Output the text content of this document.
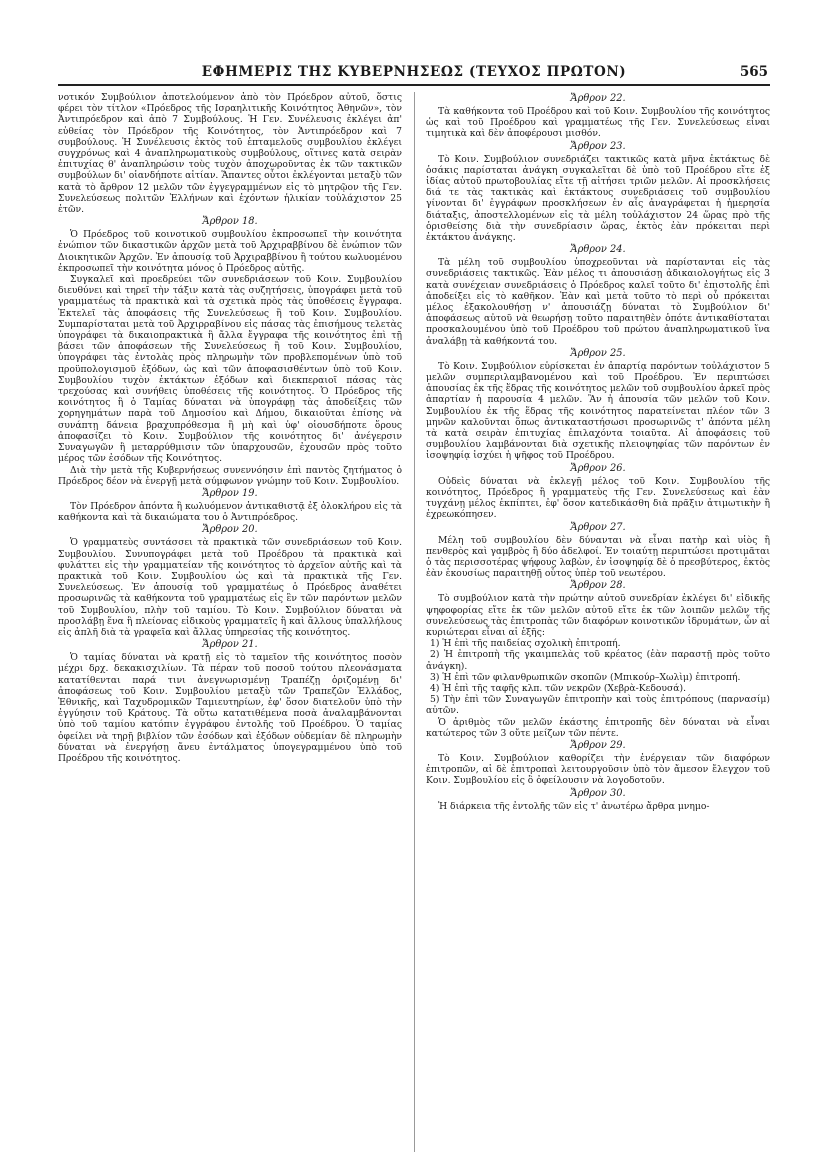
ΕΦΗΜΕΡΙΣ ΤΗΣ ΚΥΒΕΡΝΗΣΕΩΣ (ΤΕΥΧΟΣ ΠΡΩΤΟΝ)	565

νοτικόν Συμβούλιον ἀποτελούμενον ἀπὸ τὸν Πρόεδρον αὐτοῦ, ὅστις φέρει τὸν τίτλον «Πρόεδρος τῆς Ισραηλιτικῆς Κοινότητος Ἀθηνῶν», τὸν Ἀντιπρόεδρον καὶ ἀπὸ 7 Συμβούλους. Ἡ Γεν. Συνέλευσις ἐκλέγει ἀπ' εὐθείας τὸν Πρόεδρον τῆς Κοινότητος, τὸν Ἀντιπρόεδρον καὶ 7 συμβούλους. Ἡ Συνέλευσις ἐκτὸς τοῦ ἑπταμελοῦς συμβουλίου ἐκλέγει συγχρόνως καὶ 4 ἀναπληρωματικοὺς συμβούλους, οἵτινες κατὰ σειρὰν ἐπιτυχίας θ' ἀναπληρώσιν τοὺς τυχὸν ἀποχωροῦντας ἐκ τῶν τακτικῶν συμβούλων δι' οἱανδήποτε αἰτίαν. Ἅπαντες οὗτοι ἐκλέγονται μεταξὺ τῶν κατὰ τὸ ἄρθρον 12 μελῶν τῶν ἐγγεγραμμένων εἰς τὸ μητρῷον τῆς Γεν. Συνελεύσεως πολιτῶν Ἑλλήνων καὶ ἐχόντων ἡλικίαν τοὐλάχιστον 25 ἐτῶν.

Ἄρθρον 18.

Ὁ Πρόεδρος τοῦ κοινοτικοῦ συμβουλίου ἐκπροσωπεῖ τὴν κοινότητα ἐνώπιον τῶν δικαστικῶν ἀρχῶν μετὰ τοῦ Ἀρχιραββίνου δὲ ἐνώπιον τῶν Διοικητικῶν Ἀρχῶν. Ἐν ἀπουσίᾳ τοῦ Ἀρχιραββίνου ἢ τούτου κωλυομένου ἐκπροσωπεῖ τὴν κοινότητα μόνος ὁ Πρόεδρος αὐτῆς.

Συγκαλεῖ καὶ προεδρεύει τῶν συνεδριάσεων τοῦ Κοιν. Συμβουλίου διευθύνει καὶ τηρεῖ τὴν τάξιν κατὰ τὰς συζητήσεις, ὑπογράφει μετὰ τοῦ γραμματέως τὰ πρακτικὰ καὶ τὰ σχετικὰ πρὸς τὰς ὑποθέσεις ἔγγραφα. Ἐκτελεῖ τὰς ἀποφάσεις τῆς Συνελεύσεως ἢ τοῦ Κοιν. Συμβουλίου. Συμπαρίσταται μετὰ τοῦ Ἀρχιρραβίνου εἰς πάσας τὰς ἐπισήμους τελετὰς ὑπογράφει τὰ δικαιοπρακτικὰ ἢ ἄλλα ἔγγραφα τῆς κοινότητος ἐπὶ τῇ βάσει τῶν ἀποφάσεων τῆς Συνελεύσεως ἢ τοῦ Κοιν. Συμβουλίου, ὑπογράφει τὰς ἐντολὰς πρὸς πληρωμὴν τῶν προβλεπομένων ὑπὸ τοῦ προϋπολογισμοῦ ἐξόδων, ὡς καὶ τῶν ἀποφασισθέντων ὑπὸ τοῦ Κοιν. Συμβουλίου τυχὸν ἐκτάκτων ἐξόδων καὶ διεκπεραιοῖ πάσας τὰς τρεχούσας καὶ συνήθεις ὑποθέσεις τῆς κοινότητος. Ὁ Πρόεδρος τῆς κοινότητος ἢ ὁ Ταμίας δύναται νὰ ὑπογράφῃ τὰς ἀποδείξεις τῶν χορηγημάτων παρὰ τοῦ Δημοσίου καὶ Δήμου, δικαιοῦται ἐπίσης νὰ συνάπτῃ δάνεια βραχυπρόθεσμα ἢ μὴ καὶ ὑφ' οἱουσδήποτε ὅρους ἀποφασίζει τὸ Κοιν. Συμβούλιον τῆς κοινότητος δι' ἀνέγερσιν Συναγωγῶν ἢ μεταρρύθμισιν τῶν ὑπαρχουσῶν, ἐχουσῶν πρὸς τοῦτο μέρος τῶν ἐσόδων τῆς Κοινότητος.

Διὰ τὴν μετὰ τῆς Κυβερνήσεως συνεννόησιν ἐπὶ παντὸς ζητήματος ὁ Πρόεδρος δέον νὰ ἐνεργῇ μετὰ σύμφωνον γνώμην τοῦ Κοιν. Συμβουλίου.

Ἄρθρον 19.

Τὸν Πρόεδρον ἀπόντα ἢ κωλυόμενον ἀντικαθιστᾷ ἐξ ὁλοκλήρου εἰς τὰ καθήκοντα καὶ τὰ δικαιώματα του ὁ Ἀντιπρόεδρος.

Ἄρθρον 20.

Ὁ γραμματεὺς συντάσσει τὰ πρακτικὰ τῶν συνεδριάσεων τοῦ Κοιν. Συμβουλίου. Συνυπογράφει μετὰ τοῦ Προέδρου τὰ πρακτικὰ καὶ φυλάττει εἰς τὴν γραμματείαν τῆς κοινότητος τὸ ἀρχεῖον αὐτῆς καὶ τὰ πρακτικὰ τοῦ Κοιν. Συμβουλίου ὡς καὶ τὰ πρακτικὰ τῆς Γεν. Συνελεύσεως. Ἐν ἀπουσίᾳ τοῦ γραμματέως ὁ Πρόεδρος ἀναθέτει προσωρινῶς τὰ καθήκοντα τοῦ γραμματέως εἰς ἓν τῶν παρόντων μελῶν τοῦ Συμβουλίου, πλὴν τοῦ ταμίου. Τὸ Κοιν. Συμβούλιον δύναται νὰ προσλάβῃ ἕνα ἢ πλείονας εἰδικοὺς γραμματεῖς ἢ καὶ ἄλλους ὑπαλλήλους εἰς ἀπλῆ διὰ τὰ γραφεῖα καὶ ἄλλας ὑπηρεσίας τῆς κοινότητος.

Ἄρθρον 21.

Ὁ ταμίας δύναται νὰ κρατῇ εἰς τὸ ταμεῖον τῆς κοινότητος ποσὸν μέχρι δρχ. δεκακισχιλίων. Τὰ πέραν τοῦ ποσοῦ τούτου πλεονάσματα κατατίθενται παρά τινι ἀνεγνωρισμένῃ Τραπέζῃ ὁριζομένῃ δι' ἀποφάσεως τοῦ Κοιν. Συμβουλίου μεταξὺ τῶν Τραπεζῶν Ἑλλάδος, Ἐθνικῆς, καὶ Ταχυδρομικῶν Ταμιευτηρίων, ἐφ' ὅσον διατελοῦν ὑπὸ τὴν ἐγγύησιν τοῦ Κράτους. Τὰ οὕτω κατατιθέμενα ποσὰ ἀναλαμβάνονται ὑπὸ τοῦ ταμίου κατόπιν ἐγγράφου ἐντολῆς τοῦ Προέδρου. Ὁ ταμίας ὀφείλει νὰ τηρῇ βιβλίον τῶν ἐσόδων καὶ ἐξόδων οὐδεμίαν δὲ πληρωμὴν δύναται νὰ ἐνεργήσῃ ἄνευ ἐντάλματος ὑπογεγραμμένου ὑπὸ τοῦ Προέδρου τῆς κοινότητος.

Ἄρθρον 22.

Τὰ καθήκοντα τοῦ Προέδρου καὶ τοῦ Κοιν. Συμβουλίου τῆς κοινότητος ὡς καὶ τοῦ Προέδρου καὶ γραμματέως τῆς Γεν. Συνελεύσεως εἶναι τιμητικὰ καὶ δὲν ἀποφέρουσι μισθόν.

Ἄρθρον 23.

Τὸ Κοιν. Συμβούλιον συνεδριάζει τακτικῶς κατὰ μῆνα ἐκτάκτως δὲ ὁσάκις παρίσταται ἀνάγκη συγκαλεῖται δὲ ὑπὸ τοῦ Προέδρου εἴτε ἐξ ἰδίας αὐτοῦ πρωτοβουλίας εἴτε τῇ αἰτήσει τριῶν μελῶν. Αἱ προσκλήσεις διά τε τὰς τακτικὰς καὶ ἐκτάκτους συνεδριάσεις τοῦ συμβουλίου γίνονται δι' ἐγγράφων προσκλήσεων ἐν αἷς ἀναγράφεται ἡ ἡμερησία διάταξις, ἀποστελλομένων εἰς τὰ μέλη τοὐλάχιστον 24 ὥρας πρὸ τῆς ὁρισθείσης διὰ τὴν συνεδρίασιν ὥρας, ἐκτὸς ἐὰν πρόκειται περὶ ἐκτάκτου ἀνάγκης.

Ἄρθρον 24.

Τὰ μέλη τοῦ συμβουλίου ὑποχρεοῦνται νὰ παρίστανται εἰς τὰς συνεδριάσεις τακτικῶς. Ἐὰν μέλος τι ἀπουσιάσῃ ἀδικαιολογήτως εἰς 3 κατὰ συνέχειαν συνεδριάσεις ὁ Πρόεδρος καλεῖ τοῦτο δι' ἐπιστολῆς ἐπὶ ἀποδείξει εἰς τὸ καθῆκον. Ἐὰν καὶ μετὰ τοῦτο τὸ περὶ οὗ πρόκειται μέλος ἐξακολουθήσῃ ν' ἀπουσιάζῃ δύναται τὸ Συμβούλιον δι' ἀποφάσεως αὐτοῦ νὰ θεωρήσῃ τοῦτο παραιτηθὲν ὁπότε ἀντικαθίσταται προσκαλουμένου ὑπὸ τοῦ Προέδρου τοῦ πρώτου ἀναπληρωματικοῦ ἵνα ἀναλάβῃ τὰ καθήκοντά του.

Ἄρθρον 25.

Τὸ Κοιν. Συμβούλιον εὑρίσκεται ἐν ἀπαρτίᾳ παρόντων τοὐλάχιστον 5 μελῶν συμπεριλαμβανομένου καὶ τοῦ Προέδρου. Ἐν περιπτώσει ἀπουσίας ἐκ τῆς ἕδρας τῆς κοινότητος μελῶν τοῦ συμβουλίου ἀρκεῖ πρὸς ἀπαρτίαν ἡ παρουσία 4 μελῶν. Ἂν ἡ ἀπουσία τῶν μελῶν τοῦ Κοιν. Συμβουλίου ἐκ τῆς ἕδρας τῆς κοινότητος παρατείνεται πλέον τῶν 3 μηνῶν καλοῦνται ὅπως ἀντικαταστήσωσι προσωρινῶς τ' ἀπόντα μέλη τὰ κατὰ σειρὰν ἐπιτυχίας ἐπιλαχόντα τοιαῦτα. Αἱ ἀποφάσεις τοῦ συμβουλίου λαμβάνονται διὰ σχετικῆς πλειοψηφίας τῶν παρόντων ἐν ἰσοψηφίᾳ ἰσχύει ἡ ψῆφος τοῦ Προέδρου.

Ἄρθρον 26.

Οὐδεὶς δύναται νὰ ἐκλεγῇ μέλος τοῦ Κοιν. Συμβουλίου τῆς κοινότητος, Πρόεδρος ἢ γραμματεὺς τῆς Γεν. Συνελεύσεως καὶ ἐὰν τυγχάνῃ μέλος ἐκπίπτει, ἐφ' ὅσον κατεδικάσθη διὰ πρᾶξιν ἀτιμωτικὴν ἢ ἐχρεωκόπησεν.

Ἄρθρον 27.

Μέλη τοῦ συμβουλίου δὲν δύνανται νὰ εἶναι πατὴρ καὶ υἱὸς ἢ πενθερὸς καὶ γαμβρὸς ἢ δύο ἀδελφοί. Ἐν τοιαύτῃ περιπτώσει προτιμᾶται ὁ τὰς περισσοτέρας ψήφους λαβὼν, ἐν ἰσοψηφίᾳ δὲ ὁ πρεσβύτερος, ἐκτὸς ἐὰν ἑκουσίως παραιτηθῇ οὗτος ὑπὲρ τοῦ νεωτέρου.

Ἄρθρον 28.

Τὸ συμβούλιον κατὰ τὴν πρώτην αὐτοῦ συνεδρίαν ἐκλέγει δι' εἰδικῆς ψηφοφορίας εἴτε ἐκ τῶν μελῶν αὐτοῦ εἴτε ἐκ τῶν λοιπῶν μελῶν τῆς συνελεύσεως τὰς ἐπιτροπὰς τῶν διαφόρων κοινοτικῶν ἱδρυμάτων, ὧν αἱ κυριώτεραι εἶναι αἱ ἑξῆς:

1) Ἡ ἐπὶ τῆς παιδείας σχολικὴ ἐπιτροπή.

2) Ἡ ἐπιτροπὴ τῆς γκαιμπελὰς τοῦ κρέατος (ἐὰν παραστῇ πρὸς τοῦτο ἀνάγκη).

3) Ἡ ἐπὶ τῶν φιλανθρωπικῶν σκοπῶν (Μπικούρ–Χωλὶμ) ἐπιτροπή.

4) Ἡ ἐπὶ τῆς ταφῆς κλπ. τῶν νεκρῶν (Χεβρὰ-Κεδουσά).

5) Τὴν ἐπὶ τῶν Συναγωγῶν ἐπιτροπὴν καὶ τοὺς ἐπιτρόπους (παρνασίμ) αὐτῶν.

Ὁ ἀριθμὸς τῶν μελῶν ἑκάστης ἐπιτροπῆς δὲν δύναται νὰ εἶναι κατώτερος τῶν 3 οὔτε μείζων τῶν πέντε.

Ἄρθρον 29.

Τὸ Κοιν. Συμβούλιον καθορίζει τὴν ἐνέργειαν τῶν διαφόρων ἐπιτροπῶν, αἱ δὲ ἐπιτροπαὶ λειτουργοῦσιν ὑπὸ τὸν ἄμεσον ἔλεγχον τοῦ Κοιν. Συμβουλίου εἰς ὃ ὀφείλουσιν νὰ λογοδοτοῦν.

Ἄρθρον 30.

Ἡ διάρκεια τῆς ἐντολῆς τῶν εἰς τ' ἀνωτέρω ἄρθρα μνημο-
